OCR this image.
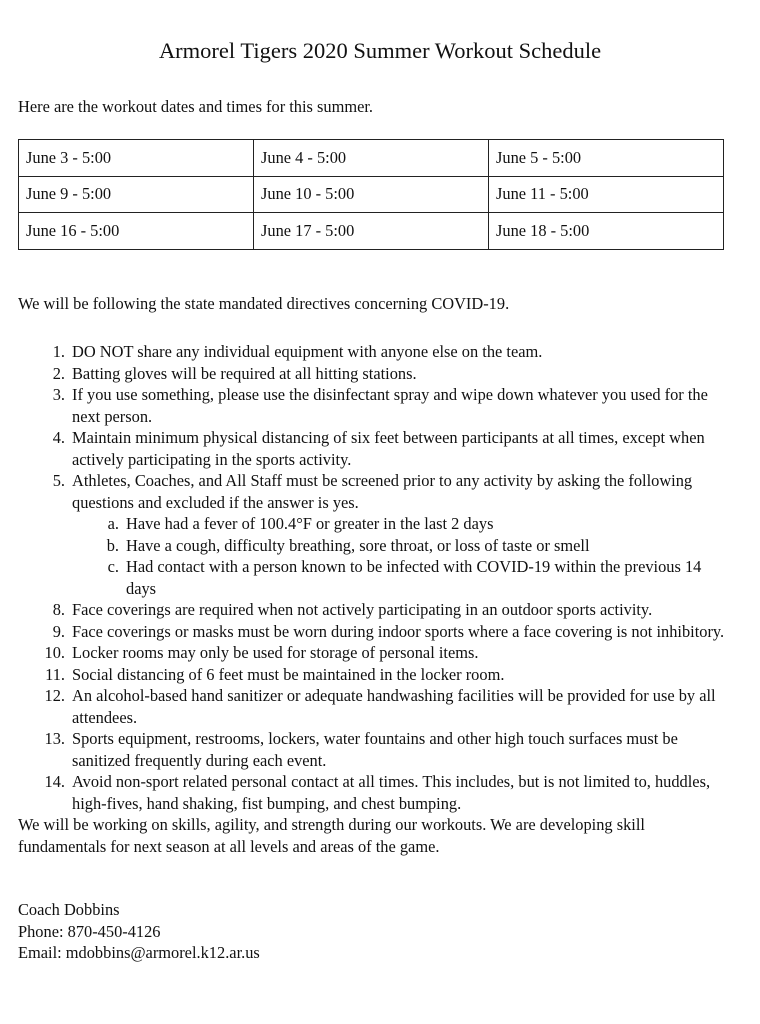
Armorel Tigers 2020 Summer Workout Schedule
Here are the workout dates and times for this summer.
June 3 - 5:00	June 4 - 5:00	June 5 - 5:00
June 9 - 5:00	June 10 - 5:00	June 11 - 5:00
June 16 - 5:00	June 17 - 5:00	June 18 - 5:00
We will be following the state mandated directives concerning COVID-19.
1. DO NOT share any individual equipment with anyone else on the team.
2. Batting gloves will be required at all hitting stations.
3. If you use something, please use the disinfectant spray and wipe down whatever you used for the next person.
4. Maintain minimum physical distancing of six feet between participants at all times, except when actively participating in the sports activity.
5. Athletes, Coaches, and All Staff must be screened prior to any activity by asking the following questions and excluded if the answer is yes.
a. Have had a fever of 100.4°F or greater in the last 2 days
b. Have a cough, difficulty breathing, sore throat, or loss of taste or smell
c. Had contact with a person known to be infected with COVID-19 within the previous 14 days
8. Face coverings are required when not actively participating in an outdoor sports activity.
9. Face coverings or masks must be worn during indoor sports where a face covering is not inhibitory.
10. Locker rooms may only be used for storage of personal items.
11. Social distancing of 6 feet must be maintained in the locker room.
12. An alcohol-based hand sanitizer or adequate handwashing facilities will be provided for use by all attendees.
13. Sports equipment, restrooms, lockers, water fountains and other high touch surfaces must be sanitized frequently during each event.
14. Avoid non-sport related personal contact at all times. This includes, but is not limited to, huddles, high-fives, hand shaking, fist bumping, and chest bumping.
We will be working on skills, agility, and strength during our workouts. We are developing skill fundamentals for next season at all levels and areas of the game.
Coach Dobbins
Phone: 870-450-4126
Email: mdobbins@armorel.k12.ar.us
